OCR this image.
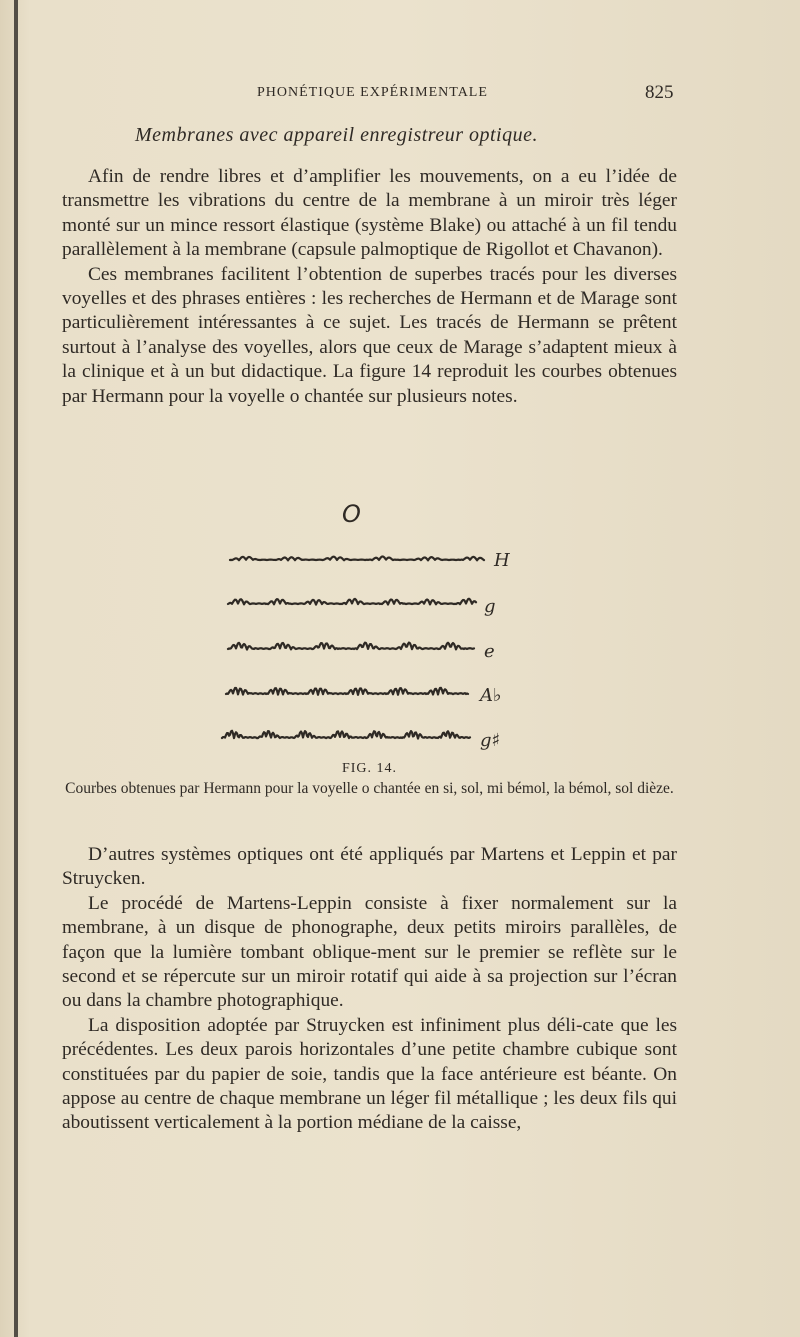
PHONÉTIQUE EXPÉRIMENTALE	825
Membranes avec appareil enregistreur optique.

Afin de rendre libres et d’amplifier les mouvements, on a eu l’idée de transmettre les vibrations du centre de la membrane à un miroir très léger monté sur un mince ressort élastique (système Blake) ou attaché à un fil tendu parallèlement à la membrane (capsule palmoptique de Rigollot et Chavanon).

Ces membranes facilitent l’obtention de superbes tracés pour les diverses voyelles et des phrases entières : les recherches de Hermann et de Marage sont particulièrement intéressantes à ce sujet. Les tracés de Hermann se prêtent surtout à l’analyse des voyelles, alors que ceux de Marage s’adaptent mieux à la clinique et à un but didactique. La figure 14 reproduit les courbes obtenues par Hermann pour la voyelle o chantée sur plusieurs notes.

O
H
g
e
A♭
g♯
FIG. 14.
Courbes obtenues par Hermann pour la voyelle o chantée en si, sol, mi bémol, la bémol, sol dièze.

D’autres systèmes optiques ont été appliqués par Martens et Leppin et par Struycken.

Le procédé de Martens-Leppin consiste à fixer normalement sur la membrane, à un disque de phonographe, deux petits miroirs parallèles, de façon que la lumière tombant oblique-ment sur le premier se reflète sur le second et se répercute sur un miroir rotatif qui aide à sa projection sur l’écran ou dans la chambre photographique.

La disposition adoptée par Struycken est infiniment plus déli-cate que les précédentes. Les deux parois horizontales d’une petite chambre cubique sont constituées par du papier de soie, tandis que la face antérieure est béante. On appose au centre de chaque membrane un léger fil métallique ; les deux fils qui aboutissent verticalement à la portion médiane de la caisse,
